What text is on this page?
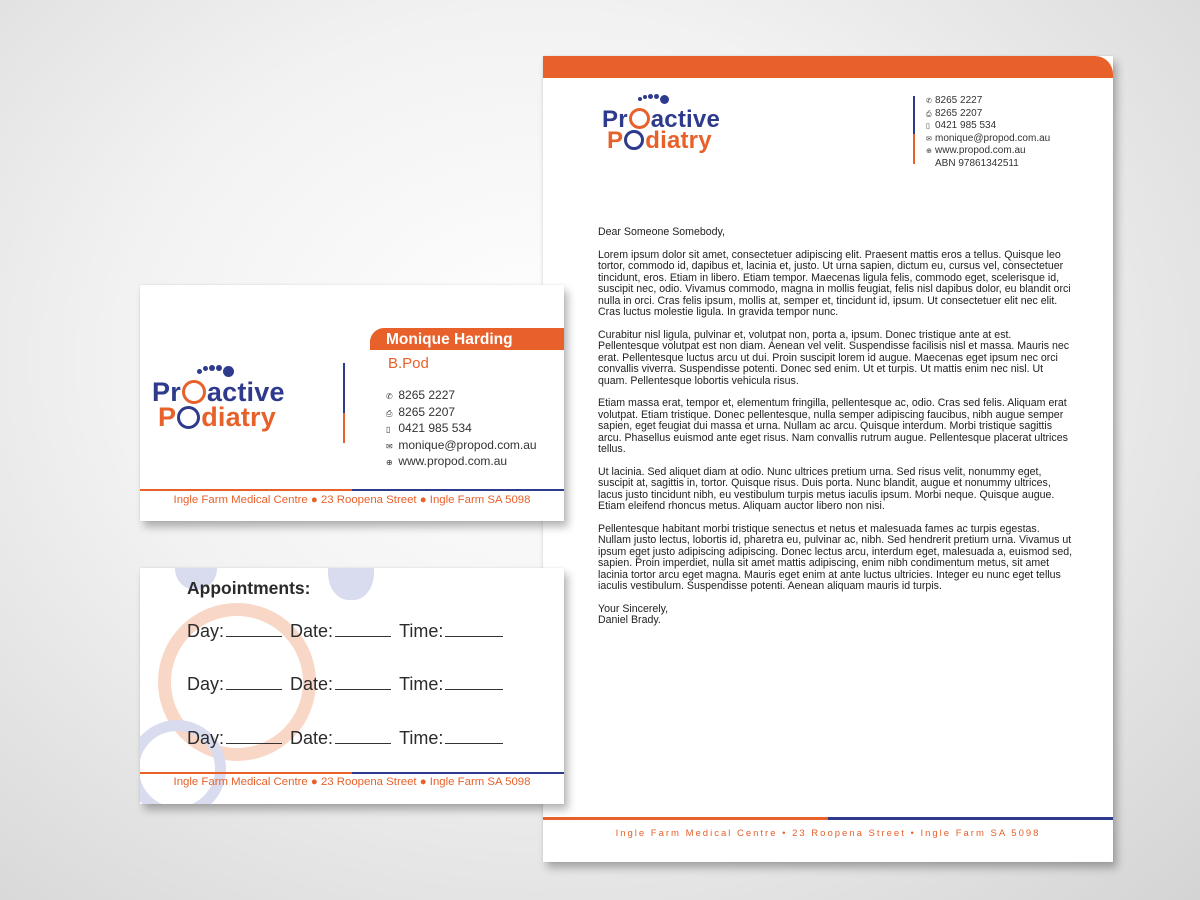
Pr active
P diatry
✆ 8265 2227
⎙ 8265 2207
▯ 0421 985 534
✉ monique@propod.com.au
⊕ www.propod.com.au
ABN 97861342511

Dear Someone Somebody,

Lorem ipsum dolor sit amet, consectetuer adipiscing elit. Praesent mattis eros a tellus. Quisque leo tortor, commodo id, dapibus et, lacinia et, justo. Ut urna sapien, dictum eu, cursus vel, consectetuer tincidunt, eros. Etiam in libero. Etiam tempor. Maecenas ligula felis, commodo eget, scelerisque id, suscipit nec, odio. Vivamus commodo, magna in mollis feugiat, felis nisl dapibus dolor, eu blandit orci nulla in orci. Cras felis ipsum, mollis at, semper et, tincidunt id, ipsum. Ut consectetuer elit nec elit. Cras luctus molestie ligula. In gravida tempor nunc.

Curabitur nisl ligula, pulvinar et, volutpat non, porta a, ipsum. Donec tristique ante at est. Pellentesque volutpat est non diam. Aenean vel velit. Suspendisse facilisis nisl et massa. Mauris nec erat. Pellentesque luctus arcu ut dui. Proin suscipit lorem id augue. Maecenas eget ipsum nec orci convallis viverra. Suspendisse potenti. Donec sed enim. Ut et turpis. Ut mattis enim nec nisl. Ut quam. Pellentesque lobortis vehicula risus.

Etiam massa erat, tempor et, elementum fringilla, pellentesque ac, odio. Cras sed felis. Aliquam erat volutpat. Etiam tristique. Donec pellentesque, nulla semper adipiscing faucibus, nibh augue semper sapien, eget feugiat dui massa et urna. Nullam ac arcu. Quisque interdum. Morbi tristique sagittis arcu. Phasellus euismod ante eget risus. Nam convallis rutrum augue. Pellentesque placerat ultrices tellus.

Ut lacinia. Sed aliquet diam at odio. Nunc ultrices pretium urna. Sed risus velit, nonummy eget, suscipit at, sagittis in, tortor. Quisque risus. Duis porta. Nunc blandit, augue et nonummy ultrices, lacus justo tincidunt nibh, eu vestibulum turpis metus iaculis ipsum. Morbi neque. Quisque augue. Etiam eleifend rhoncus metus. Aliquam auctor libero non nisi.

Pellentesque habitant morbi tristique senectus et netus et malesuada fames ac turpis egestas. Nullam justo lectus, lobortis id, pharetra eu, pulvinar ac, nibh. Sed hendrerit pretium urna. Vivamus ut ipsum eget justo adipiscing adipiscing. Donec lectus arcu, interdum eget, malesuada a, euismod sed, sapien. Proin imperdiet, nulla sit amet mattis adipiscing, enim nibh condimentum metus, sit amet lacinia tortor arcu eget magna. Mauris eget enim at ante luctus ultricies. Integer eu nunc eget tellus iaculis vestibulum. Suspendisse potenti. Aenean aliquam mauris id turpis.

Your Sincerely,
Daniel Brady.
Ingle Farm Medical Centre • 23 Roopena Street • Ingle Farm SA 5098
Monique Harding
B.Pod
Pr active
P diatry
✆ 8265 2227
⎙ 8265 2207
▯ 0421 985 534
✉ monique@propod.com.au
⊕ www.propod.com.au
Ingle Farm Medical Centre ● 23 Roopena Street ● Ingle Farm SA 5098
Appointments:
Day:	Date:	Time:
Day:	Date:	Time:
Day:	Date:	Time:
Ingle Farm Medical Centre ● 23 Roopena Street ● Ingle Farm SA 5098
